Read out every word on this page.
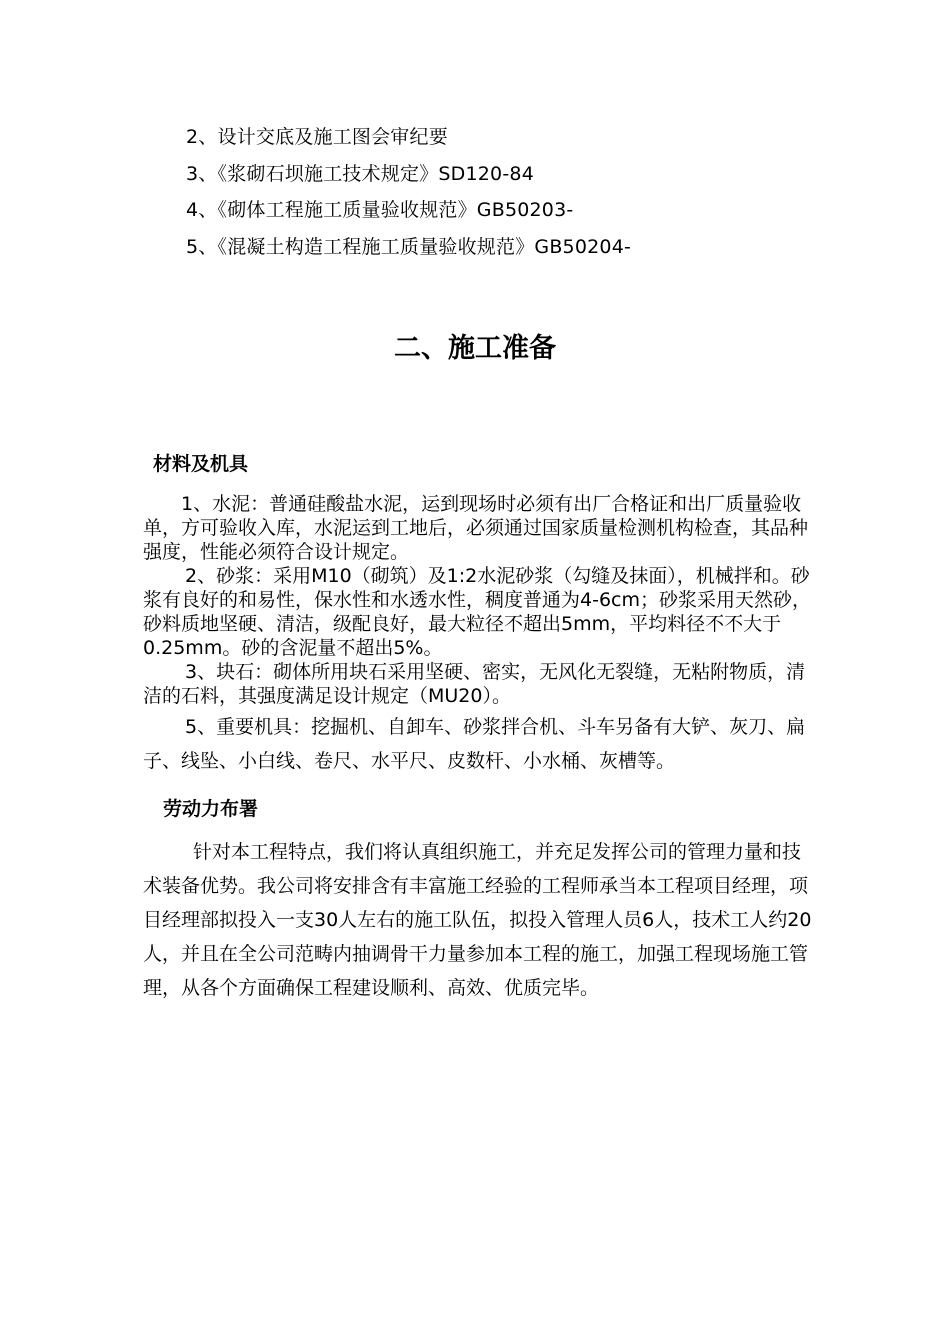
2、设计交底及施工图会审纪要
3、《浆砌石坝施工技术规定》SD120-84
4、《砌体工程施工质量验收规范》GB50203-
5、《混凝土构造工程施工质量验收规范》GB50204-
二、施工准备
材料及机具

1、水泥：普通硅酸盐水泥，运到现场时必须有出厂合格证和出厂质量验收单，方可验收入库，水泥运到工地后，必须通过国家质量检测机构检查，其品种强度，性能必须符合设计规定。

2、砂浆：采用M10（砌筑）及1:2水泥砂浆（勾缝及抹面），机械拌和。砂浆有良好的和易性，保水性和水透水性，稠度普通为4-6cm；砂浆采用天然砂，砂料质地坚硬、清洁，级配良好，最大粒径不超出5mm，平均料径不不大于0.25mm。砂的含泥量不超出5%。

3、块石：砌体所用块石采用坚硬、密实，无风化无裂缝，无粘附物质，清洁的石料，其强度满足设计规定（MU20）。

5、重要机具：挖掘机、自卸车、砂浆拌合机、斗车另备有大铲、灰刀、扁子、线坠、小白线、卷尺、水平尺、皮数杆、小水桶、灰槽等。

劳动力布署

针对本工程特点，我们将认真组织施工，并充足发挥公司的管理力量和技术装备优势。我公司将安排含有丰富施工经验的工程师承当本工程项目经理，项目经理部拟投入一支30人左右的施工队伍，拟投入管理人员6人，技术工人约20人，并且在全公司范畴内抽调骨干力量参加本工程的施工，加强工程现场施工管理，从各个方面确保工程建设顺利、高效、优质完毕。
